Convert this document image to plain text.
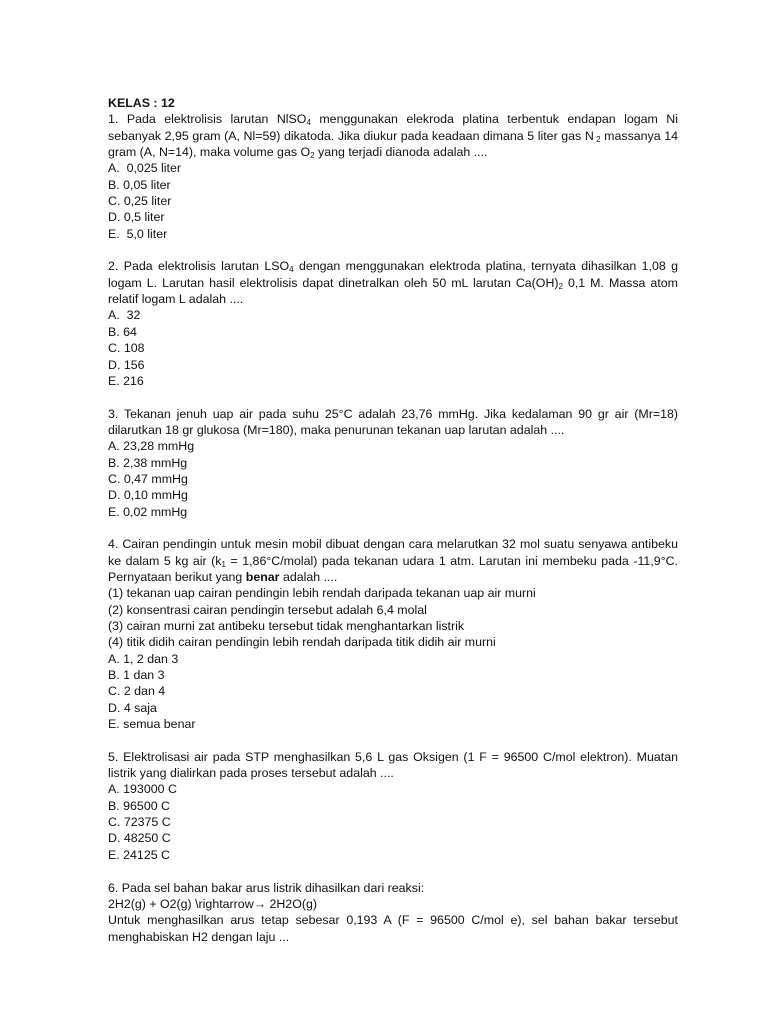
KELAS : 12

1. Pada elektrolisis larutan NlSO$_4$ menggunakan elekroda platina terbentuk endapan logam Ni sebanyak 2,95 gram (A, Nl=59) dikatoda. Jika diukur pada keadaan dimana 5 liter gas N $_2$ massanya 14 gram (A, N=14), maka volume gas $O_2$ yang terjadi dianoda adalah ....

A.  0,025 liter

B. 0,05 liter

C. 0,25 liter

D. 0,5 liter

E.  5,0 liter

2. Pada elektrolisis larutan $LSO_4$ dengan menggunakan elektroda platina, ternyata dihasilkan 1,08 g logam L. Larutan hasil elektrolisis dapat dinetralkan oleh 50 mL larutan $Ca(OH)_2$ 0,1 M. Massa atom relatif logam L adalah ....

A.  32

B. 64

C. 108

D. 156

E. 216

3. Tekanan jenuh uap air pada suhu 25°C adalah 23,76 mmHg. Jika kedalaman 90 gr air (Mr=18) dilarutkan 18 gr glukosa (Mr=180), maka penurunan tekanan uap larutan adalah ....

A. 23,28 mmHg

B. 2,38 mmHg

C. 0,47 mmHg

D. 0,10 mmHg

E. 0,02 mmHg

4. Cairan pendingin untuk mesin mobil dibuat dengan cara melarutkan 32 mol suatu senyawa antibeku ke dalam 5 kg air ($k_1$ = 1,86°C/molal) pada tekanan udara 1 atm. Larutan ini membeku pada -11,9°C. Pernyataan berikut yang benar adalah ....

(1) tekanan uap cairan pendingin lebih rendah daripada tekanan uap air murni

(2) konsentrasi cairan pendingin tersebut adalah 6,4 molal

(3) cairan murni zat antibeku tersebut tidak menghantarkan listrik

(4) titik didih cairan pendingin lebih rendah daripada titik didih air murni

A. 1, 2 dan 3

B. 1 dan 3

C. 2 dan 4

D. 4 saja

E. semua benar

5. Elektrolisasi air pada STP menghasilkan 5,6 L gas Oksigen (1 F = 96500 C/mol elektron). Muatan listrik yang dialirkan pada proses tersebut adalah ....

A. 193000 C

B. 96500 C

C. 72375 C

D. 48250 C

E. 24125 C

6. Pada sel bahan bakar arus listrik dihasilkan dari reaksi:

2H2(g) + O2(g) \rightarrow→ 2H2O(g)

Untuk menghasilkan arus tetap sebesar 0,193 A (F = 96500 C/mol e), sel bahan bakar tersebut menghabiskan H2 dengan laju ...
